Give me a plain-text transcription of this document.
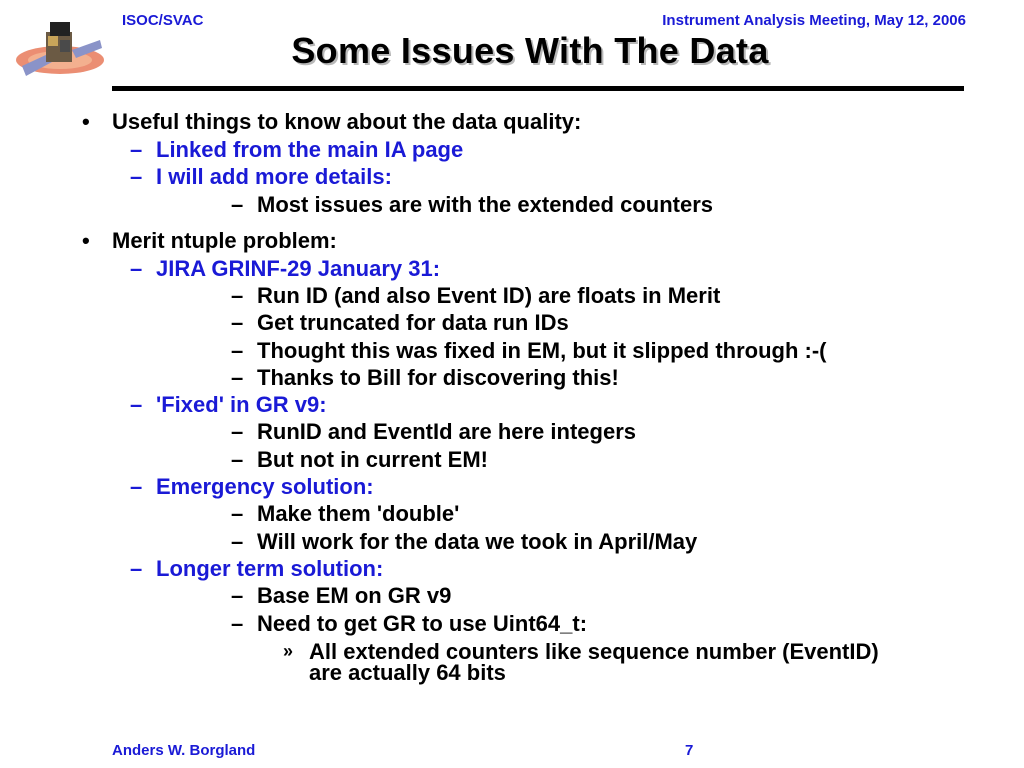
ISOC/SVAC	Instrument Analysis Meeting, May 12, 2006
Some Issues With The Data
• Useful things to know about the data quality:
– Linked from the main IA page
– I will add more details:
– Most issues are with the extended counters
• Merit ntuple problem:
– JIRA GRINF-29 January 31:
– Run ID (and also Event ID) are floats in Merit
– Get truncated for data run IDs
– Thought this was fixed in EM, but it slipped through :-(
– Thanks to Bill for discovering this!
– 'Fixed' in GR v9:
– RunID and EventId are here integers
– But not in current EM!
– Emergency solution:
– Make them 'double'
– Will work for the data we took in April/May
– Longer term solution:
– Base EM on GR v9
– Need to get GR to use Uint64_t:
» All extended counters like sequence number (EventID)
are actually 64 bits
Anders W. Borgland	7
